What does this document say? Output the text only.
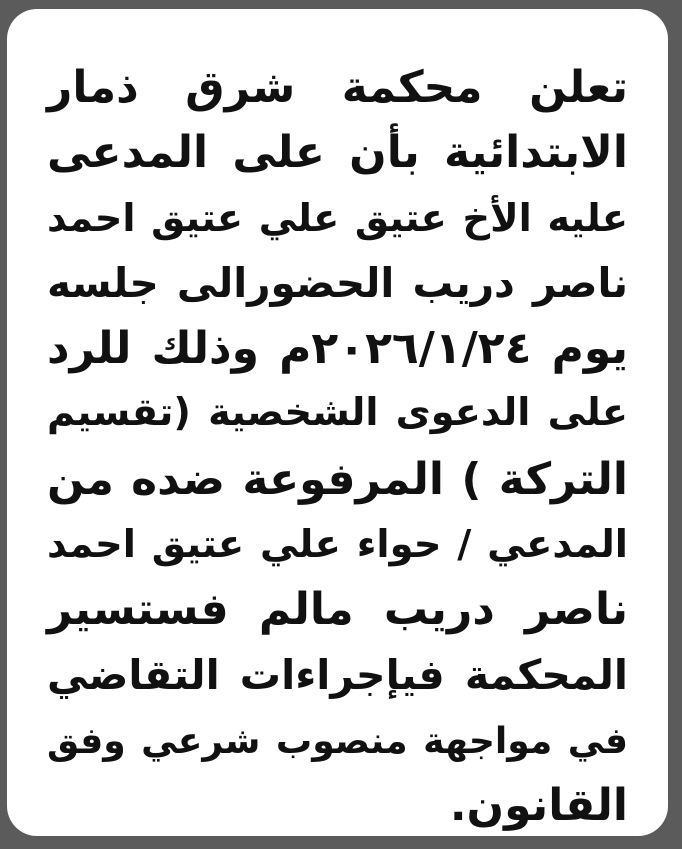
تعلن محكمة شرق ذمار
الابتدائية بأن على المدعى
عليه الأخ عتيق علي عتيق احمد
ناصر دريب الحضورالى جلسه
يوم ٢٠٢٦/١/٢٤م وذلك للرد
على الدعوى الشخصية (تقسيم
التركة ) المرفوعة ضده من
المدعي / حواء علي عتيق احمد
ناصر دريب مالم فستسير
المحكمة فيإجراءات التقاضي
في مواجهة منصوب شرعي وفق
القانون.
